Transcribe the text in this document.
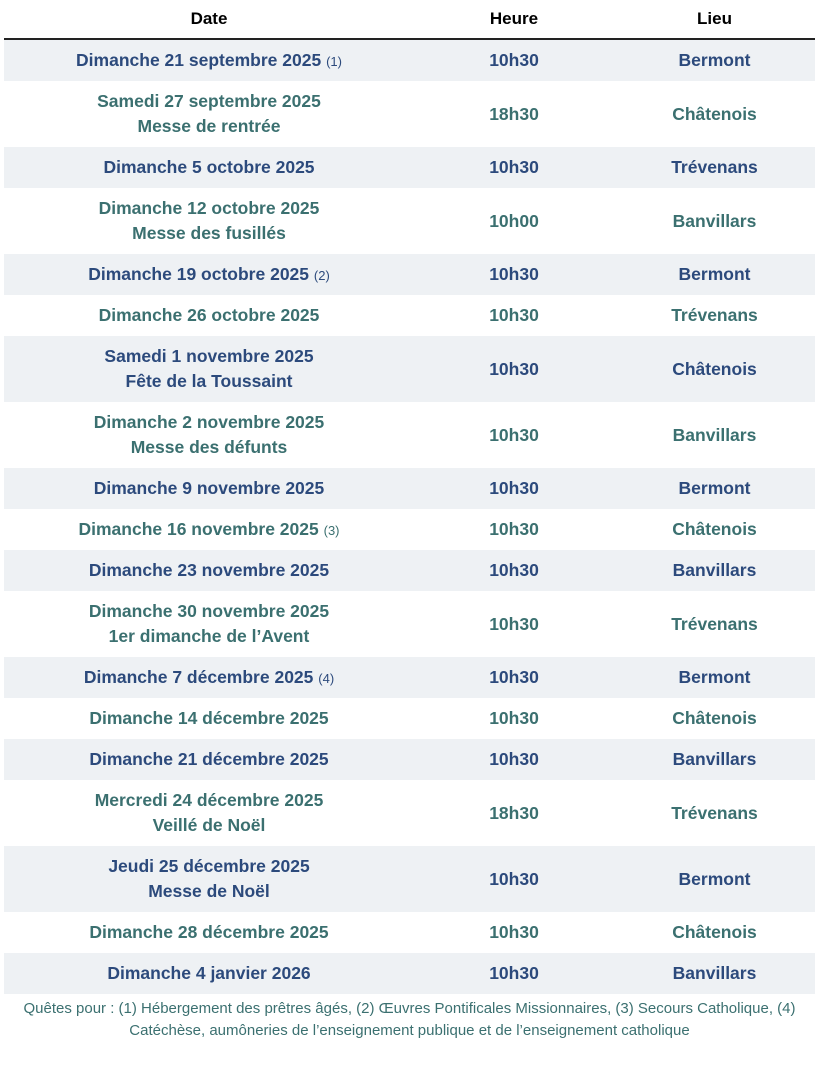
Date	Heure	Lieu
Dimanche 21 septembre 2025 (1)	10h30	Bermont
Samedi 27 septembre 2025
Messe de rentrée	18h30	Châtenois
Dimanche 5 octobre 2025	10h30	Trévenans
Dimanche 12 octobre 2025
Messe des fusillés	10h00	Banvillars
Dimanche 19 octobre 2025 (2)	10h30	Bermont
Dimanche 26 octobre 2025	10h30	Trévenans
Samedi 1 novembre 2025
Fête de la Toussaint	10h30	Châtenois
Dimanche 2 novembre 2025
Messe des défunts	10h30	Banvillars
Dimanche 9 novembre 2025	10h30	Bermont
Dimanche 16 novembre 2025 (3)	10h30	Châtenois
Dimanche 23 novembre 2025	10h30	Banvillars
Dimanche 30 novembre 2025
1er dimanche de l’Avent	10h30	Trévenans
Dimanche 7 décembre 2025 (4)	10h30	Bermont
Dimanche 14 décembre 2025	10h30	Châtenois
Dimanche 21 décembre 2025	10h30	Banvillars
Mercredi 24 décembre 2025
Veillé de Noël	18h30	Trévenans
Jeudi 25 décembre 2025
Messe de Noël	10h30	Bermont
Dimanche 28 décembre 2025	10h30	Châtenois
Dimanche 4 janvier 2026	10h30	Banvillars
Quêtes pour : (1) Hébergement des prêtres âgés, (2) Œuvres Pontificales Missionnaires, (3) Secours Catholique, (4) Catéchèse, aumôneries de l’enseignement publique et de l’enseignement catholique
